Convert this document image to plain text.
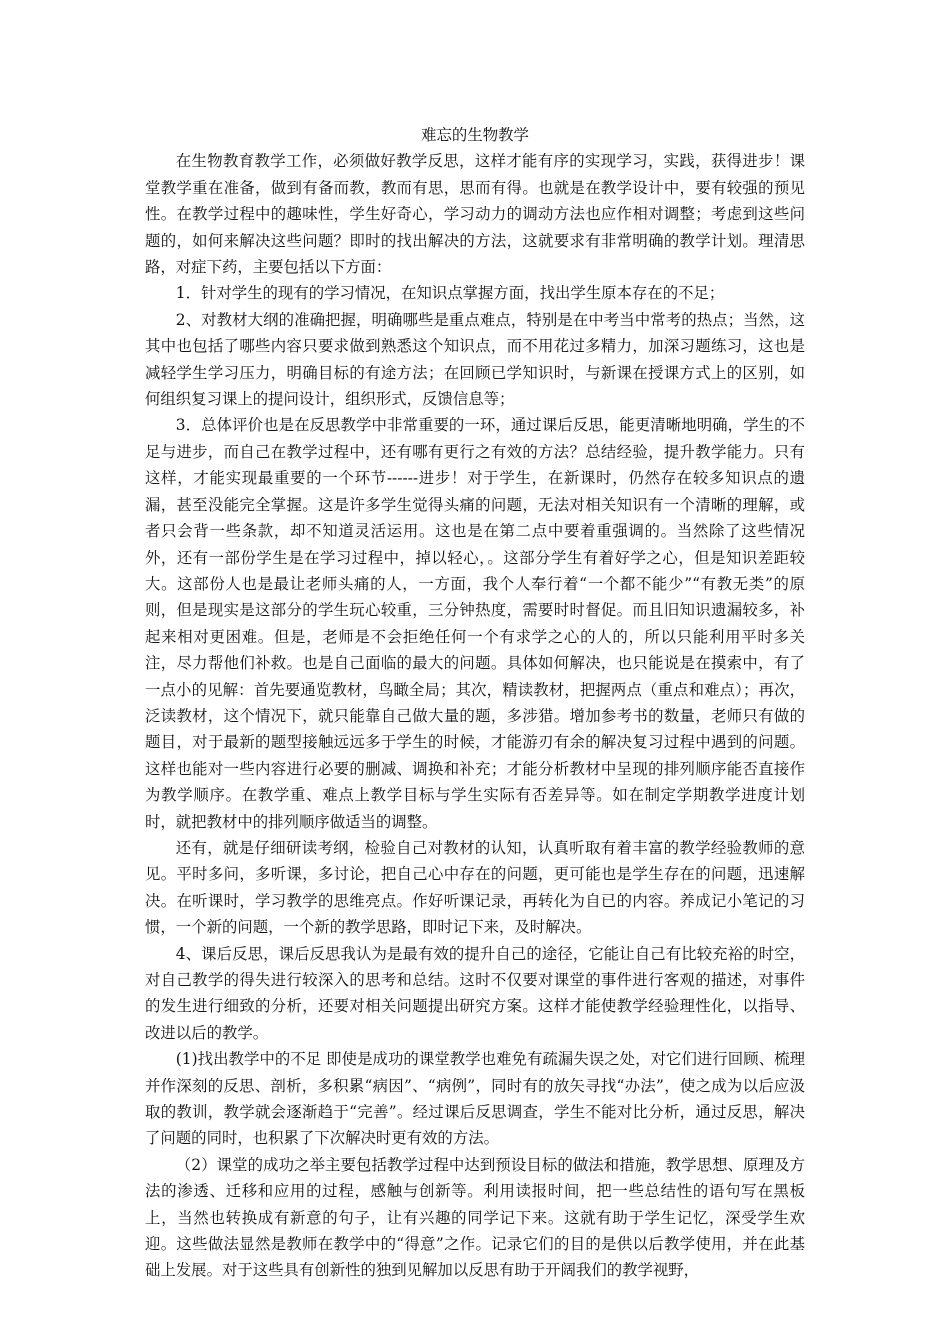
难忘的生物教学

在生物教育教学工作，必须做好教学反思，这样才能有序的实现学习，实践，获得进步！课堂教学重在准备，做到有备而教，教而有思，思而有得。也就是在教学设计中，要有较强的预见性。在教学过程中的趣味性，学生好奇心，学习动力的调动方法也应作相对调整；考虑到这些问题的，如何来解决这些问题？即时的找出解决的方法，这就要求有非常明确的教学计划。理清思路，对症下药，主要包括以下方面：

1．针对学生的现有的学习情况，在知识点掌握方面，找出学生原本存在的不足；

2、对教材大纲的准确把握，明确哪些是重点难点，特别是在中考当中常考的热点；当然，这其中也包括了哪些内容只要求做到熟悉这个知识点，而不用花过多精力，加深习题练习，这也是减轻学生学习压力，明确目标的有途方法；在回顾已学知识时，与新课在授课方式上的区别，如何组织复习课上的提问设计，组织形式，反馈信息等；

3．总体评价也是在反思教学中非常重要的一环，通过课后反思，能更清晰地明确，学生的不足与进步，而自己在教学过程中，还有哪有更行之有效的方法？总结经验，提升教学能力。只有这样，才能实现最重要的一个环节------进步！对于学生，在新课时，仍然存在较多知识点的遗漏，甚至没能完全掌握。这是许多学生觉得头痛的问题，无法对相关知识有一个清晰的理解，或者只会背一些条款，却不知道灵活运用。这也是在第二点中要着重强调的。当然除了这些情况外，还有一部份学生是在学习过程中，掉以轻心，。这部分学生有着好学之心，但是知识差距较大。这部份人也是最让老师头痛的人，一方面，我个人奉行着“一个都不能少”“有教无类”的原则，但是现实是这部分的学生玩心较重，三分钟热度，需要时时督促。而且旧知识遗漏较多，补起来相对更困难。但是，老师是不会拒绝任何一个有求学之心的人的，所以只能利用平时多关注，尽力帮他们补救。也是自己面临的最大的问题。具体如何解决，也只能说是在摸索中，有了一点小的见解：首先要通览教材，鸟瞰全局；其次，精读教材，把握两点（重点和难点）；再次，泛读教材，这个情况下，就只能靠自己做大量的题，多涉猎。增加参考书的数量，老师只有做的题目，对于最新的题型接触远远多于学生的时候，才能游刃有余的解决复习过程中遇到的问题。这样也能对一些内容进行必要的删减、调换和补充；才能分析教材中呈现的排列顺序能否直接作为教学顺序。在教学重、难点上教学目标与学生实际有否差异等。如在制定学期教学进度计划时，就把教材中的排列顺序做适当的调整。

还有，就是仔细研读考纲，检验自己对教材的认知，认真听取有着丰富的教学经验教师的意见。平时多问，多听课，多讨论，把自己心中存在的问题，更可能也是学生存在的问题，迅速解决。在听课时，学习教学的思维亮点。作好听课记录，再转化为自已的内容。养成记小笔记的习惯，一个新的问题，一个新的教学思路，即时记下来，及时解决。

4、课后反思，课后反思我认为是最有效的提升自己的途径，它能让自己有比较充裕的时空，对自己教学的得失进行较深入的思考和总结。这时不仅要对课堂的事件进行客观的描述，对事件的发生进行细致的分析，还要对相关问题提出研究方案。这样才能使教学经验理性化，以指导、改进以后的教学。

(1)找出教学中的不足 即使是成功的课堂教学也难免有疏漏失误之处，对它们进行回顾、梳理并作深刻的反思、剖析，多积累“病因”、“病例”，同时有的放矢寻找“办法”，使之成为以后应汲取的教训，教学就会逐渐趋于“完善”。经过课后反思调查，学生不能对比分析，通过反思，解决了问题的同时，也积累了下次解决时更有效的方法。

（2）课堂的成功之举主要包括教学过程中达到预设目标的做法和措施，教学思想、原理及方法的渗透、迁移和应用的过程，感触与创新等。利用读报时间，把一些总结性的语句写在黑板上，当然也转换成有新意的句子，让有兴趣的同学记下来。这就有助于学生记忆，深受学生欢迎。这些做法显然是教师在教学中的“得意”之作。记录它们的目的是供以后教学使用，并在此基础上发展。对于这些具有创新性的独到见解加以反思有助于开阔我们的教学视野，
